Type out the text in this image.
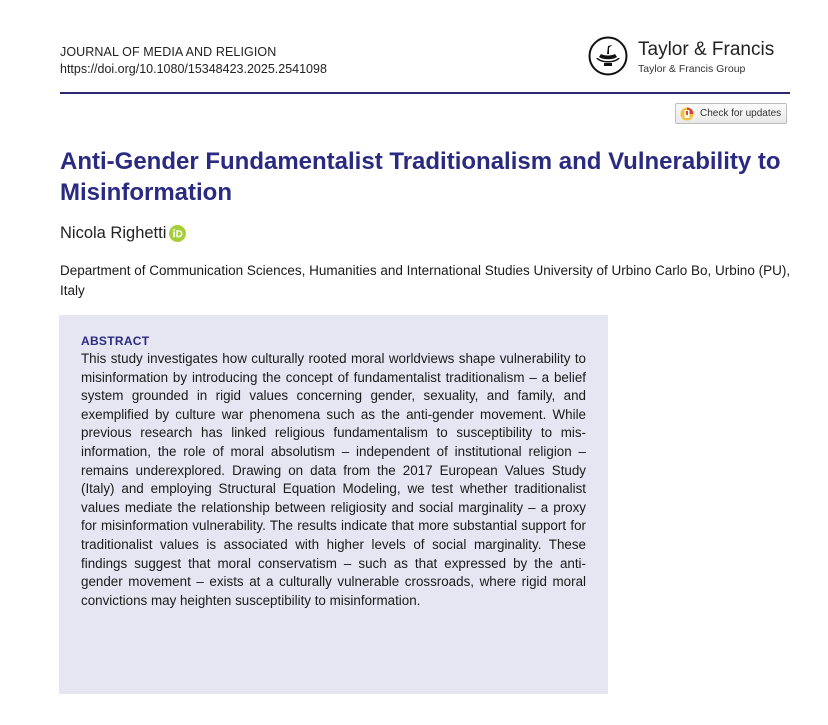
JOURNAL OF MEDIA AND RELIGION
https://doi.org/10.1080/15348423.2025.2541098
Taylor & Francis
Taylor & Francis Group
Check for updates
Anti-Gender Fundamentalist Traditionalism and Vulnerability to Misinformation
Nicola Righetti
Department of Communication Sciences, Humanities and International Studies University of Urbino Carlo Bo, Urbino (PU), Italy
ABSTRACT
This study investigates how culturally rooted moral worldviews shape vulnerability to misinformation by introducing the concept of fundamentalist traditionalism – a belief system grounded in rigid values concerning gender, sexuality, and family, and exemplified by culture war phenomena such as the anti-gender movement. While previous research has linked religious fundamentalism to susceptibility to misinformation, the role of moral absolutism – independent of institutional religion – remains underexplored. Drawing on data from the 2017 European Values Study (Italy) and employing Structural Equation Modeling, we test whether traditionalist values mediate the relationship between religiosity and social marginality – a proxy for misinformation vulnerability. The results indicate that more substantial support for traditionalist values is associated with higher levels of social marginality. These findings suggest that moral conservatism – such as that expressed by the anti-gender movement – exists at a culturally vulnerable crossroads, where rigid moral convictions may heighten susceptibility to misinformation.
